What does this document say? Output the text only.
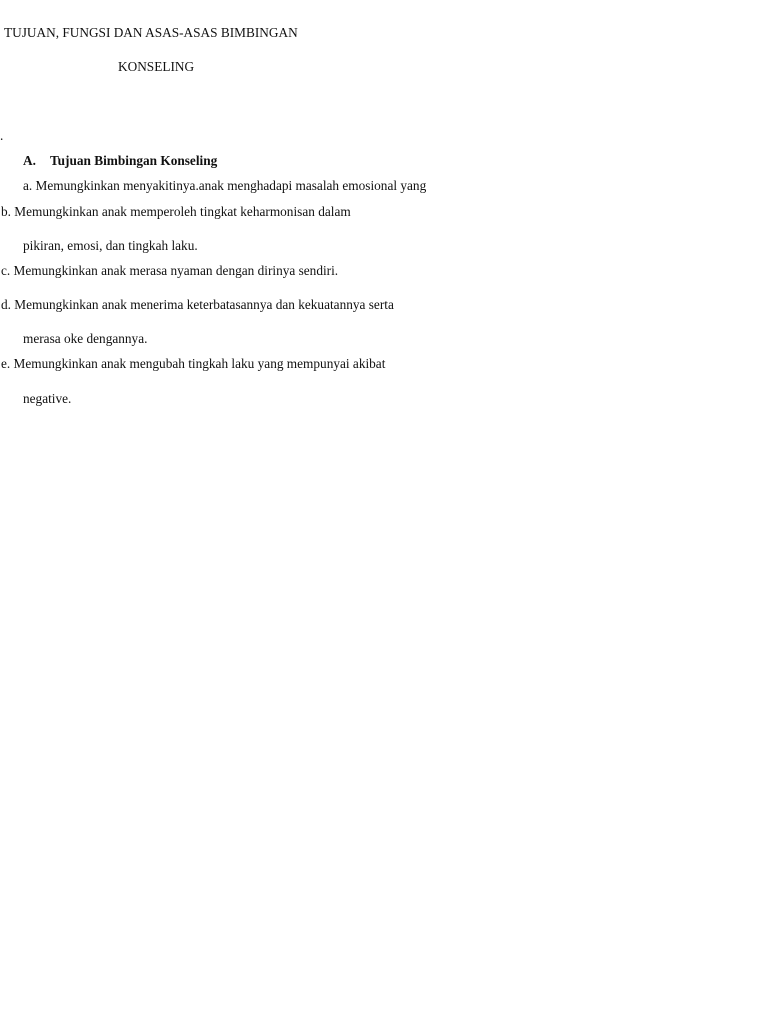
TUJUAN, FUNGSI DAN ASAS-ASAS BIMBINGAN
KONSELING
.
A. Tujuan Bimbingan Konseling
a. Memungkinkan menyakitinya.anak menghadapi masalah emosional yang
b. Memungkinkan anak memperoleh tingkat keharmonisan dalam
pikiran, emosi, dan tingkah laku.
c. Memungkinkan anak merasa nyaman dengan dirinya sendiri.
d. Memungkinkan anak menerima keterbatasannya dan kekuatannya serta
merasa oke dengannya.
e. Memungkinkan anak mengubah tingkah laku yang mempunyai akibat
negative.
